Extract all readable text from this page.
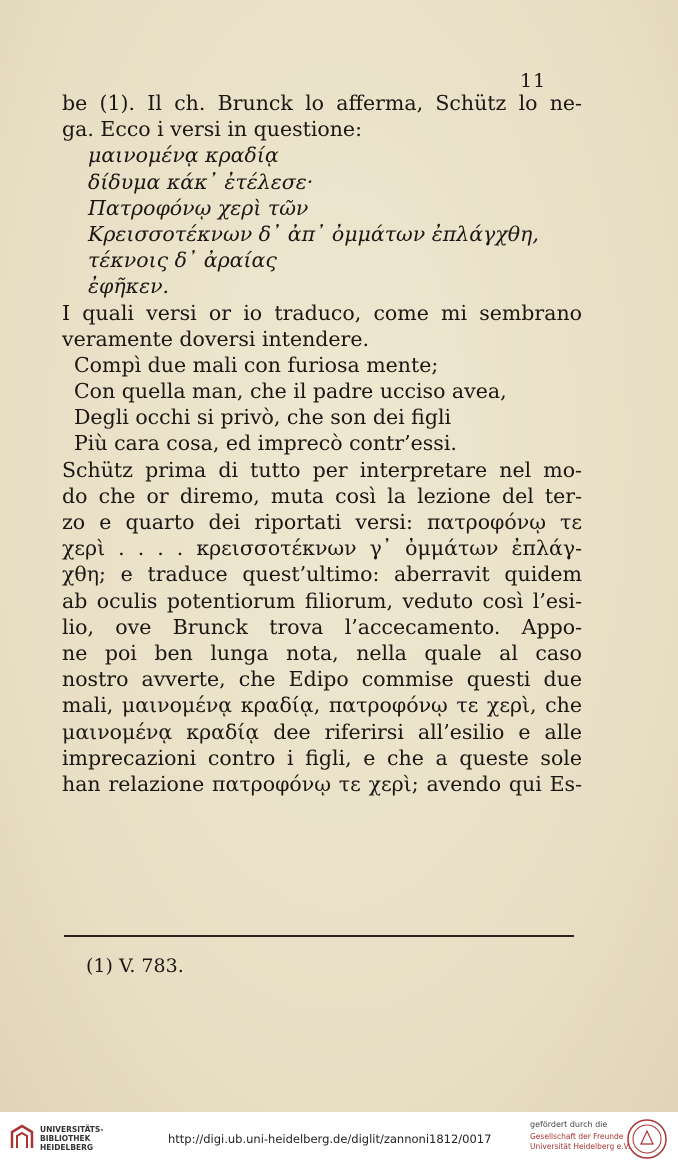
11
be (1). Il ch. Brunck lo afferma, Schütz lo ne-
ga. Ecco i versi in questione:
μαινομένᾳ κραδίᾳ
δίδυμα κάκ᾽ ἐτέλεσε·
Πατροφόνῳ χερὶ τῶν
Κρεισσοτέκνων δ᾽ ἀπ᾽ ὀμμάτων ἐπλάγχθη,
τέκνοις δ᾽ ἀραίας
ἐφῆκεν.
I quali versi or io traduco, come mi sembrano
veramente doversi intendere.
Compì due mali con furiosa mente;
Con quella man, che il padre ucciso avea,
Degli occhi si privò, che son dei figli
Più cara cosa, ed imprecò contr’essi.
Schütz prima di tutto per interpretare nel mo-
do che or diremo, muta così la lezione del ter-
zo e quarto dei riportati versi: πατροφόνῳ τε
χερὶ . . . . κρεισσοτέκνων γ᾽ ὀμμάτων ἐπλάγ-
χθη; e traduce quest’ultimo: aberravit quidem
ab oculis potentiorum filiorum, veduto così l’esi-
lio, ove Brunck trova l’accecamento. Appo-
ne poi ben lunga nota, nella quale al caso
nostro avverte, che Edipo commise questi due
mali, μαινομένᾳ κραδίᾳ, πατροφόνῳ τε χερὶ, che
μαινομένᾳ κραδίᾳ dee riferirsi all’esilio e alle
imprecazioni contro i figli, e che a queste sole
han relazione πατροφόνῳ τε χερὶ; avendo qui Es-
(1) V. 783.
UNIVERSITÄTS-
BIBLIOTHEK
HEIDELBERG
http://digi.ub.uni-heidelberg.de/diglit/zannoni1812/0017
gefördert durch die
Gesellschaft der Freunde
Universität Heidelberg e.V.
